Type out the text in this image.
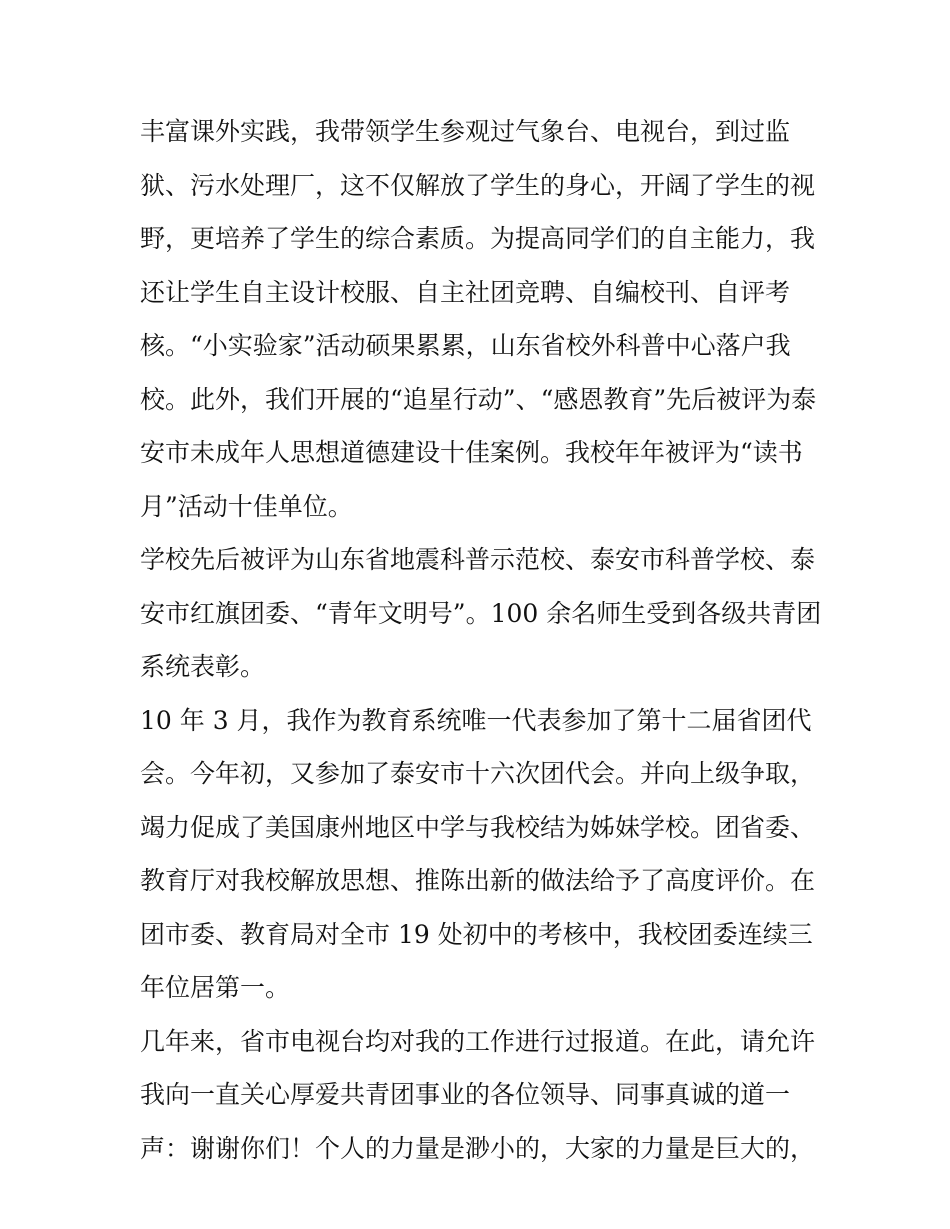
丰富课外实践，我带领学生参观过气象台、电视台，到过监
狱、污水处理厂，这不仅解放了学生的身心，开阔了学生的视
野，更培养了学生的综合素质。为提高同学们的自主能力，我
还让学生自主设计校服、自主社团竞聘、自编校刊、自评考
核。“小实验家”活动硕果累累，山东省校外科普中心落户我
校。此外，我们开展的“追星行动”、“感恩教育”先后被评为泰
安市未成年人思想道德建设十佳案例。我校年年被评为“读书
月”活动十佳单位。
学校先后被评为山东省地震科普示范校、泰安市科普学校、泰
安市红旗团委、“青年文明号”。100 余名师生受到各级共青团
系统表彰。
10 年 3 月，我作为教育系统唯一代表参加了第十二届省团代
会。今年初，又参加了泰安市十六次团代会。并向上级争取，
竭力促成了美国康州地区中学与我校结为姊妹学校。团省委、
教育厅对我校解放思想、推陈出新的做法给予了高度评价。在
团市委、教育局对全市 19 处初中的考核中，我校团委连续三
年位居第一。
几年来，省市电视台均对我的工作进行过报道。在此，请允许
我向一直关心厚爱共青团事业的各位领导、同事真诚的道一
声：谢谢你们！个人的力量是渺小的，大家的力量是巨大的，
